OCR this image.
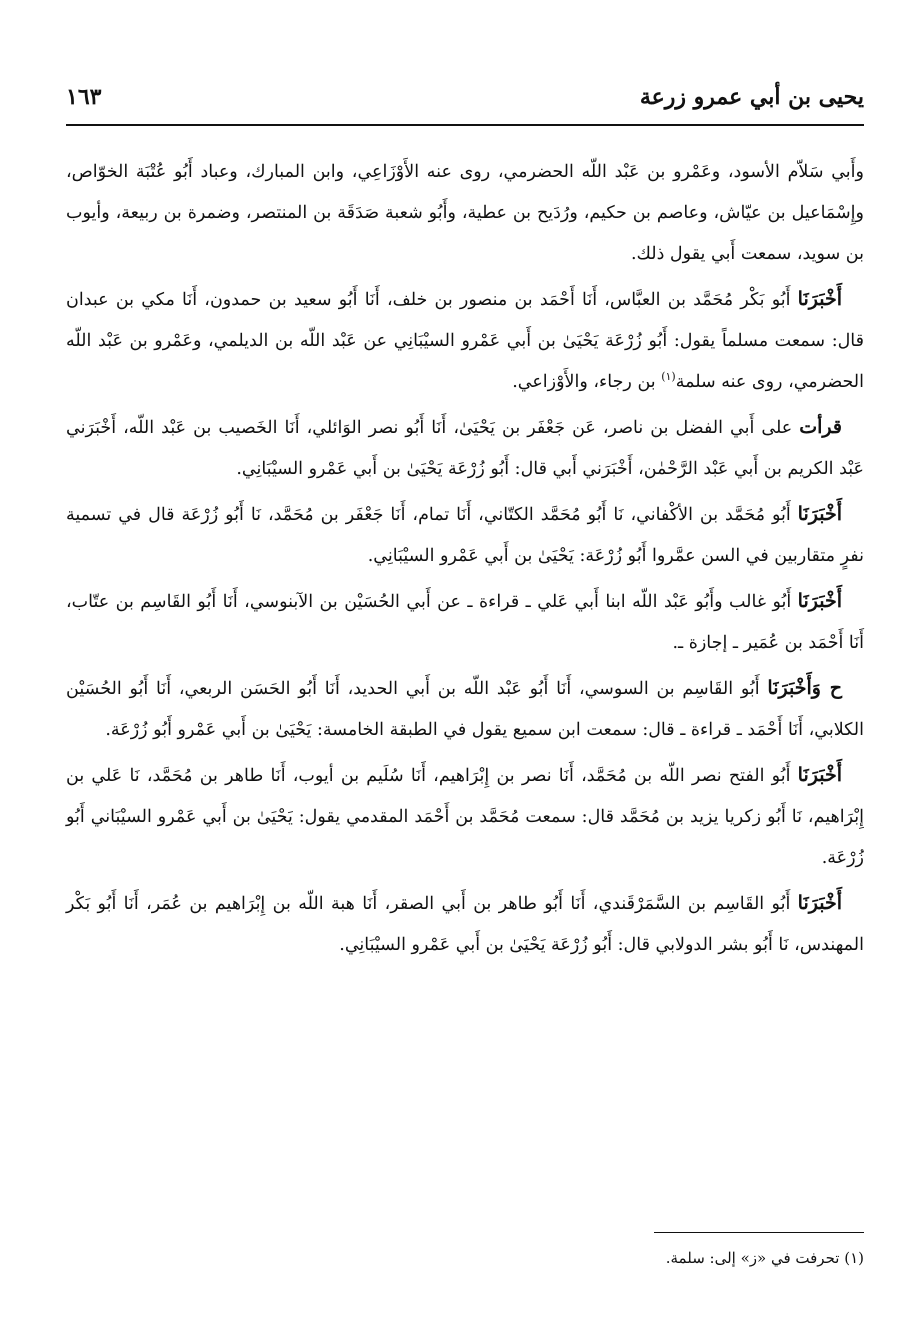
يحيى بن أبي عمرو زرعة
١٦٣

وأَبي سَلاّم الأسود، وعَمْرو بن عَبْد اللّه الحضرمي، روى عنه الأَوْزَاعِي، وابن المبارك، وعباد أَبُو عُتْبَة الخوّاص، وإِسْمَاعيل بن عيّاش، وعاصم بن حكيم، ورُدَيح بن عطية، وأَبُو شعبة صَدَقَة بن المنتصر، وضمرة بن ربيعة، وأيوب بن سويد، سمعت أَبي يقول ذلك.

أَخْبَرَنَا أَبُو بَكْر مُحَمَّد بن العبَّاس، أَنَا أَحْمَد بن منصور بن خلف، أَنَا أَبُو سعيد بن حمدون، أَنَا مكي بن عبدان قال: سمعت مسلماً يقول: أَبُو زُرْعَة يَحْيَىٰ بن أَبي عَمْرو السيْبَانِي عن عَبْد اللّه بن الديلمي، وعَمْرو بن عَبْد اللّه الحضرمي، روى عنه سلمة$^{(١)}$ بن رجاء، والأَوْزاعي.

قرأت على أَبي الفضل بن ناصر، عَن جَعْفَر بن يَحْيَىٰ، أَنَا أَبُو نصر الوَائلي، أَنَا الخَصيب بن عَبْد اللّه، أَخْبَرَني عَبْد الكريم بن أَبي عَبْد الرَّحْمٰن، أَخْبَرَني أَبي قال: أَبُو زُرْعَة يَحْيَىٰ بن أَبي عَمْرو السيْبَانِي.

أَخْبَرَنَا أَبُو مُحَمَّد بن الأكْفاني، نَا أَبُو مُحَمَّد الكتّاني، أَنَا تمام، أَنَا جَعْفَر بن مُحَمَّد، نَا أَبُو زُرْعَة قال في تسمية نفرٍ متقاربين في السن عمَّروا أَبُو زُرْعَة: يَحْيَىٰ بن أَبي عَمْرو السيْبَانِي.

أَخْبَرَنَا أَبُو غالب وأَبُو عَبْد اللّه ابنا أَبي عَلي ـ قراءة ـ عن أَبي الحُسَيْن بن الآبنوسي، أَنَا أَبُو القَاسِم بن عتّاب، أَنَا أَحْمَد بن عُمَير ـ إجازة ـ.

ح وَأَخْبَرَنَا أَبُو القَاسِم بن السوسي، أَنَا أَبُو عَبْد اللّه بن أَبي الحديد، أَنَا أَبُو الحَسَن الربعي، أَنَا أَبُو الحُسَيْن الكلابي، أَنَا أَحْمَد ـ قراءة ـ قال: سمعت ابن سميع يقول في الطبقة الخامسة: يَحْيَىٰ بن أَبي عَمْرو أَبُو زُرْعَة.

أَخْبَرَنَا أَبُو الفتح نصر اللّه بن مُحَمَّد، أَنَا نصر بن إِبْرَاهيم، أَنَا سُلَيم بن أيوب، أَنَا طاهر بن مُحَمَّد، نَا عَلي بن إِبْرَاهيم، نَا أَبُو زكريا يزيد بن مُحَمَّد قال: سمعت مُحَمَّد بن أَحْمَد المقدمي يقول: يَحْيَىٰ بن أَبي عَمْرو السيْبَاني أَبُو زُرْعَة.

أَخْبَرَنَا أَبُو القَاسِم بن السَّمَرْقَندي، أَنَا أَبُو طاهر بن أَبي الصقر، أَنَا هبة اللّه بن إِبْرَاهيم بن عُمَر، أَنَا أَبُو بَكْر المهندس، نَا أَبُو بشر الدولابي قال: أَبُو زُرْعَة يَحْيَىٰ بن أَبي عَمْرو السيْبَانِي.

(١) تحرفت في «ز» إلى: سلمة.
